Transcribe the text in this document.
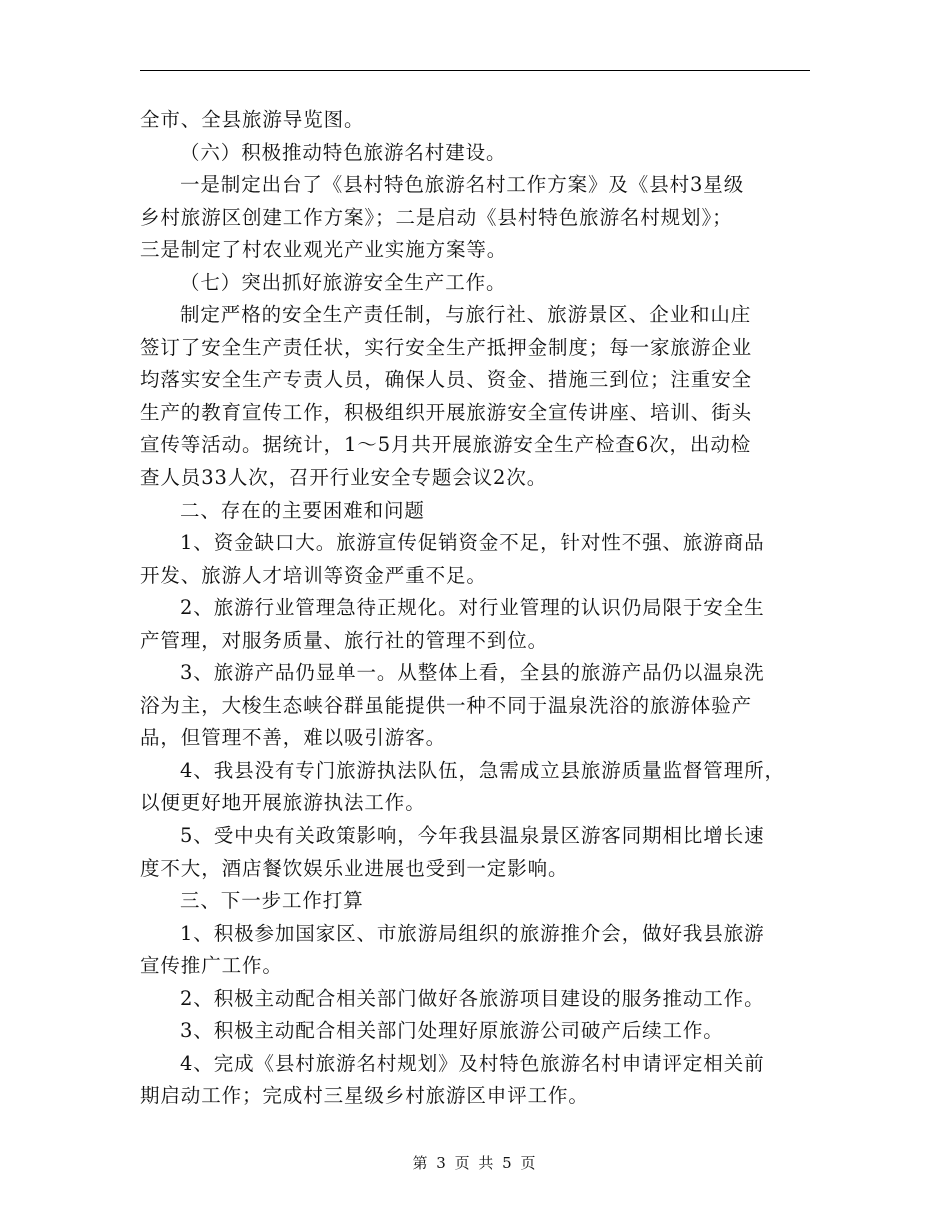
全市、全县旅游导览图。
（六）积极推动特色旅游名村建设。
一是制定出台了《县村特色旅游名村工作方案》及《县村3星级
乡村旅游区创建工作方案》；二是启动《县村特色旅游名村规划》；
三是制定了村农业观光产业实施方案等。
（七）突出抓好旅游安全生产工作。
制定严格的安全生产责任制，与旅行社、旅游景区、企业和山庄
签订了安全生产责任状，实行安全生产抵押金制度；每一家旅游企业
均落实安全生产专责人员，确保人员、资金、措施三到位；注重安全
生产的教育宣传工作，积极组织开展旅游安全宣传讲座、培训、街头
宣传等活动。据统计，1～5月共开展旅游安全生产检查6次，出动检
查人员33人次，召开行业安全专题会议2次。
二、存在的主要困难和问题
1、资金缺口大。旅游宣传促销资金不足，针对性不强、旅游商品
开发、旅游人才培训等资金严重不足。
2、旅游行业管理急待正规化。对行业管理的认识仍局限于安全生
产管理，对服务质量、旅行社的管理不到位。
3、旅游产品仍显单一。从整体上看，全县的旅游产品仍以温泉洗
浴为主，大梭生态峡谷群虽能提供一种不同于温泉洗浴的旅游体验产
品，但管理不善，难以吸引游客。
4、我县没有专门旅游执法队伍，急需成立县旅游质量监督管理所，
以便更好地开展旅游执法工作。
5、受中央有关政策影响，今年我县温泉景区游客同期相比增长速
度不大，酒店餐饮娱乐业进展也受到一定影响。
三、下一步工作打算
1、积极参加国家区、市旅游局组织的旅游推介会，做好我县旅游
宣传推广工作。
2、积极主动配合相关部门做好各旅游项目建设的服务推动工作。
3、积极主动配合相关部门处理好原旅游公司破产后续工作。
4、完成《县村旅游名村规划》及村特色旅游名村申请评定相关前
期启动工作；完成村三星级乡村旅游区申评工作。
第 3 页 共 5 页
